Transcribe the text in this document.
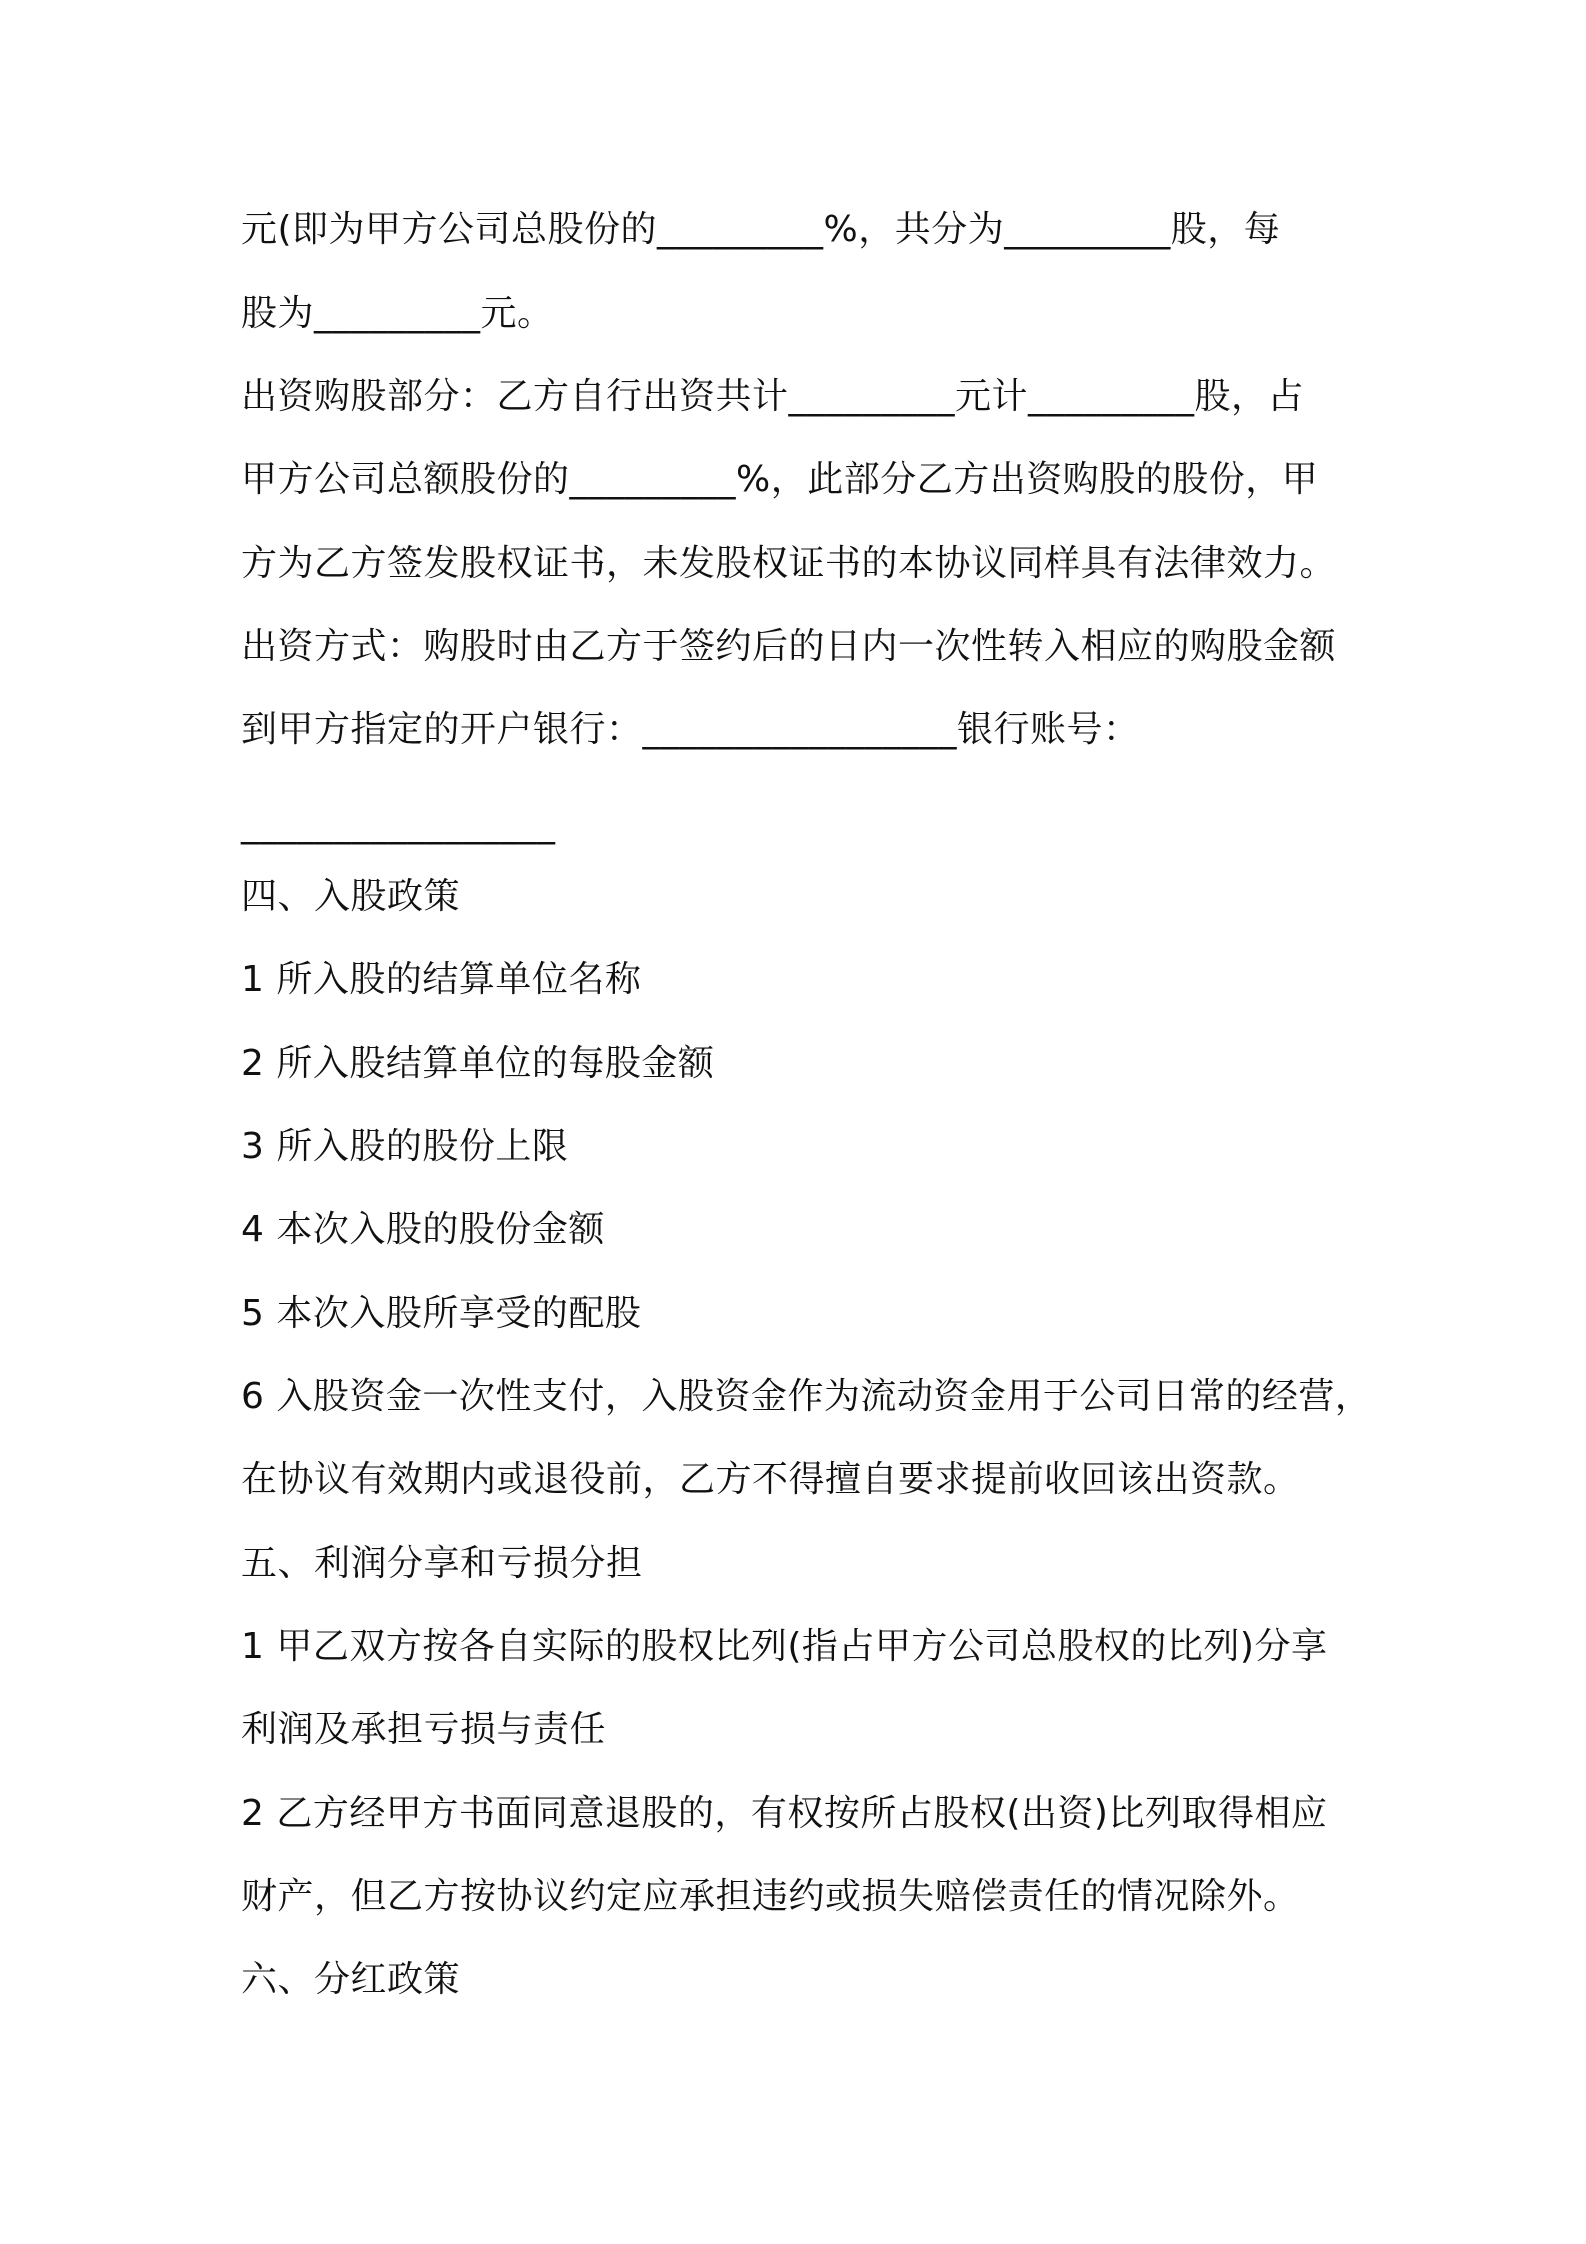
元(即为甲方公司总股份的_________%，共分为_________股，每

股为_________元。

出资购股部分：乙方自行出资共计_________元计_________股，占

甲方公司总额股份的_________%，此部分乙方出资购股的股份，甲

方为乙方签发股权证书，未发股权证书的本协议同样具有法律效力。

出资方式：购股时由乙方于签约后的日内一次性转入相应的购股金额

到甲方指定的开户银行：_________________银行账号：

_________________

四、入股政策

1 所入股的结算单位名称

2 所入股结算单位的每股金额

3 所入股的股份上限

4 本次入股的股份金额

5 本次入股所享受的配股

6 入股资金一次性支付，入股资金作为流动资金用于公司日常的经营，

在协议有效期内或退役前，乙方不得擅自要求提前收回该出资款。

五、利润分享和亏损分担

1 甲乙双方按各自实际的股权比列(指占甲方公司总股权的比列)分享

利润及承担亏损与责任

2 乙方经甲方书面同意退股的，有权按所占股权(出资)比列取得相应

财产，但乙方按协议约定应承担违约或损失赔偿责任的情况除外。

六、分红政策
